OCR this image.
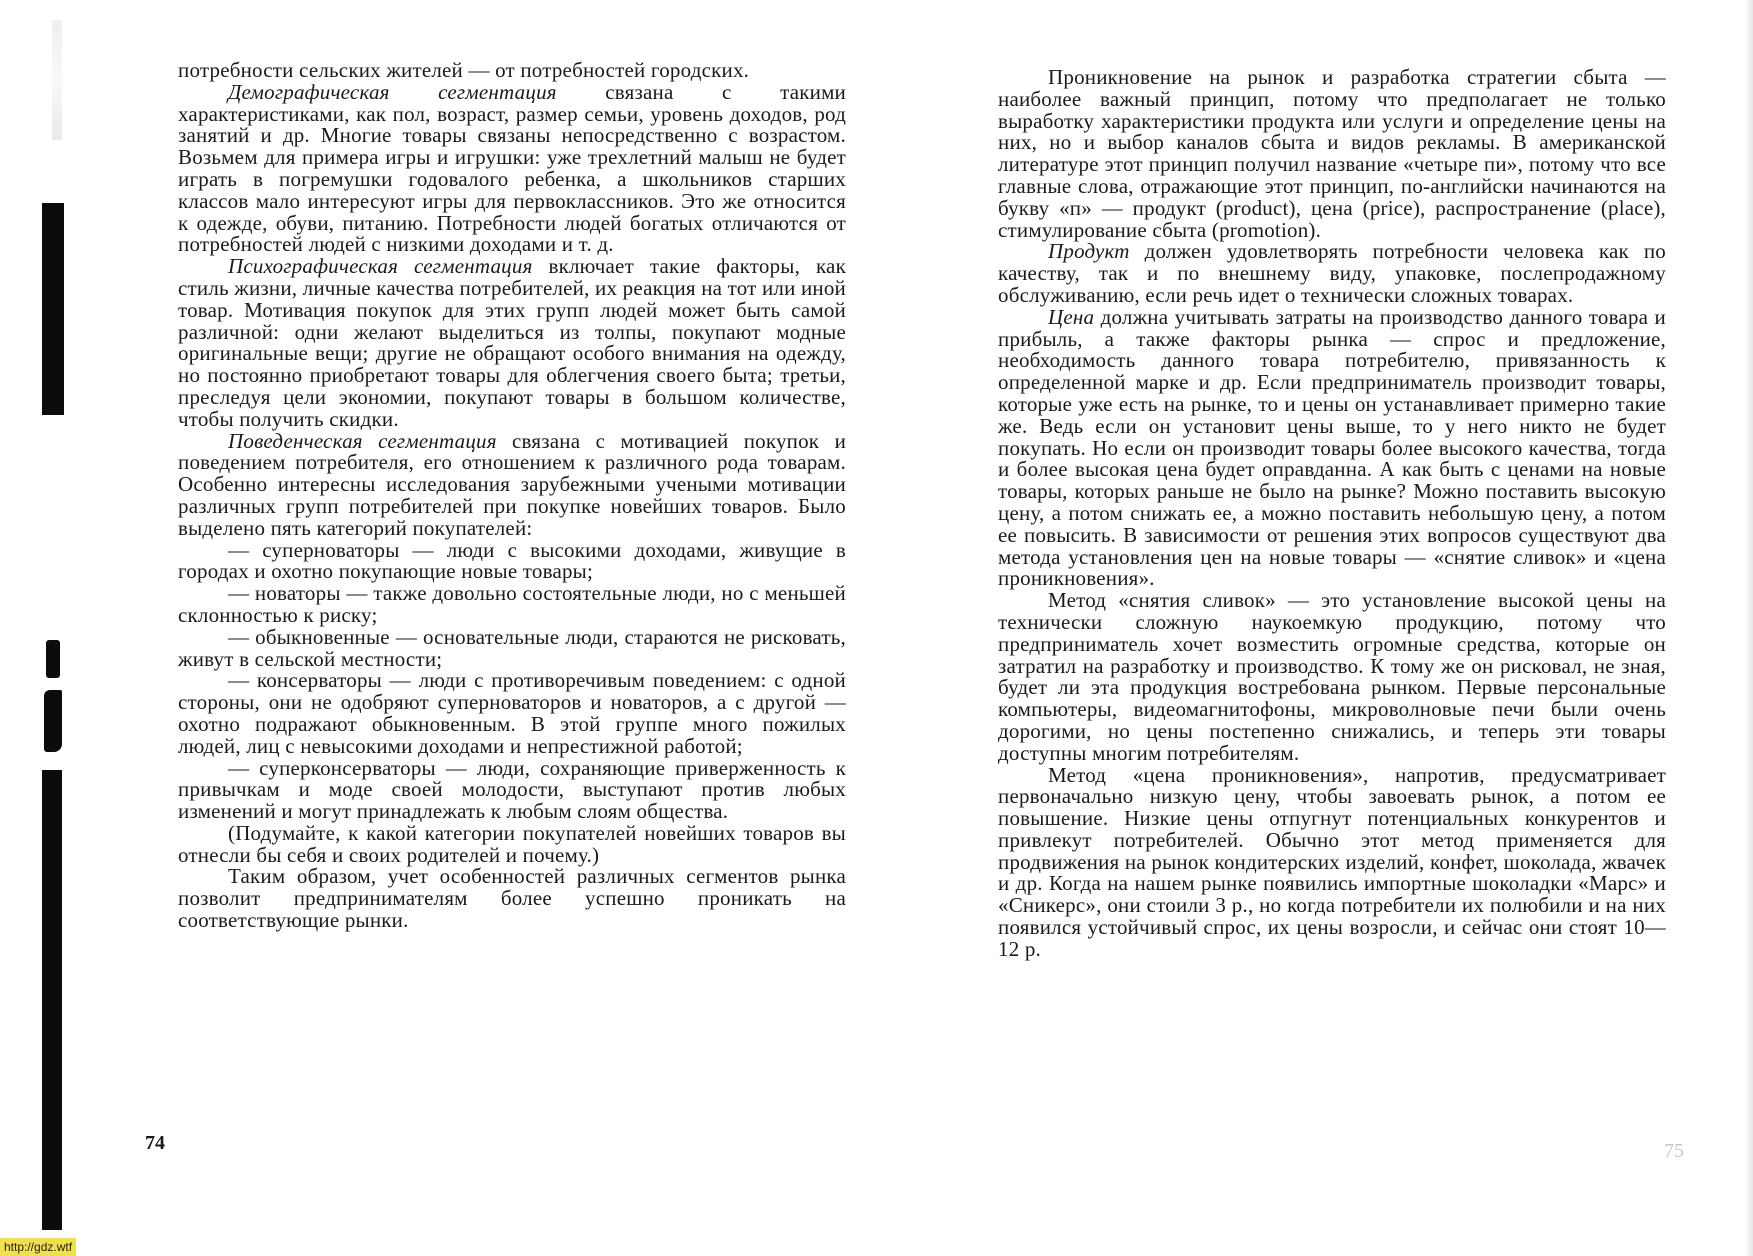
потребности сельских жителей — от потребностей городских.

Демографическая сегментация связана с такими характеристиками, как пол, возраст, размер семьи, уровень доходов, род занятий и др. Многие товары связаны непосредственно с возрастом. Возьмем для примера игры и игрушки: уже трехлетний малыш не будет играть в погремушки годовалого ребенка, а школьников старших классов мало интересуют игры для первоклассников. Это же относится к одежде, обуви, питанию. Потребности людей богатых отличаются от потребностей людей с низкими доходами и т. д.

Психографическая сегментация включает такие факторы, как стиль жизни, личные качества потребителей, их реакция на тот или иной товар. Мотивация покупок для этих групп людей может быть самой различной: одни желают выделиться из толпы, покупают модные оригинальные вещи; другие не обращают особого внимания на одежду, но постоянно приобретают товары для облегчения своего быта; третьи, преследуя цели экономии, покупают товары в большом количестве, чтобы получить скидки.

Поведенческая сегментация связана с мотивацией покупок и поведением потребителя, его отношением к различного рода товарам. Особенно интересны исследования зарубежными учеными мотивации различных групп потребителей при покупке новейших товаров. Было выделено пять категорий покупателей:

— суперноваторы — люди с высокими доходами, живущие в городах и охотно покупающие новые товары;

— новаторы — также довольно состоятельные люди, но с меньшей склонностью к риску;

— обыкновенные — основательные люди, стараются не рисковать, живут в сельской местности;

— консерваторы — люди с противоречивым поведением: с одной стороны, они не одобряют суперноваторов и новаторов, а с другой — охотно подражают обыкновенным. В этой группе много пожилых людей, лиц с невысокими доходами и непрестижной работой;

— суперконсерваторы — люди, сохраняющие приверженность к привычкам и моде своей молодости, выступают против любых изменений и могут принадлежать к любым слоям общества.

(Подумайте, к какой категории покупателей новейших товаров вы отнесли бы себя и своих родителей и почему.)

Таким образом, учет особенностей различных сегментов рынка позволит предпринимателям более успешно проникать на соответствующие рынки.

74

Проникновение на рынок и разработка стратегии сбыта — наиболее важный принцип, потому что предполагает не только выработку характеристики продукта или услуги и определение цены на них, но и выбор каналов сбыта и видов рекламы. В американской литературе этот принцип получил название «четыре пи», потому что все главные слова, отражающие этот принцип, по-английски начинаются на букву «п» — продукт (product), цена (price), распространение (place), стимулирование сбыта (promotion).

Продукт должен удовлетворять потребности человека как по качеству, так и по внешнему виду, упаковке, послепродажному обслуживанию, если речь идет о технически сложных товарах.

Цена должна учитывать затраты на производство данного товара и прибыль, а также факторы рынка — спрос и предложение, необходимость данного товара потребителю, привязанность к определенной марке и др. Если предприниматель производит товары, которые уже есть на рынке, то и цены он устанавливает примерно такие же. Ведь если он установит цены выше, то у него никто не будет покупать. Но если он производит товары более высокого качества, тогда и более высокая цена будет оправданна. А как быть с ценами на новые товары, которых раньше не было на рынке? Можно поставить высокую цену, а потом снижать ее, а можно поставить небольшую цену, а потом ее повысить. В зависимости от решения этих вопросов существуют два метода установления цен на новые товары — «снятие сливок» и «цена проникновения».

Метод «снятия сливок» — это установление высокой цены на технически сложную наукоемкую продукцию, потому что предприниматель хочет возместить огромные средства, которые он затратил на разработку и производство. К тому же он рисковал, не зная, будет ли эта продукция востребована рынком. Первые персональные компьютеры, видеомагнитофоны, микроволновые печи были очень дорогими, но цены постепенно снижались, и теперь эти товары доступны многим потребителям.

Метод «цена проникновения», напротив, предусматривает первоначально низкую цену, чтобы завоевать рынок, а потом ее повышение. Низкие цены отпугнут потенциальных конкурентов и привлекут потребителей. Обычно этот метод применяется для продвижения на рынок кондитерских изделий, конфет, шоколада, жвачек и др. Когда на нашем рынке появились импортные шоколадки «Марс» и «Сникерс», они стоили 3 р., но когда потребители их полюбили и на них появился устойчивый спрос, их цены возросли, и сейчас они стоят 10—12 р.

75
http://gdz.wtf
